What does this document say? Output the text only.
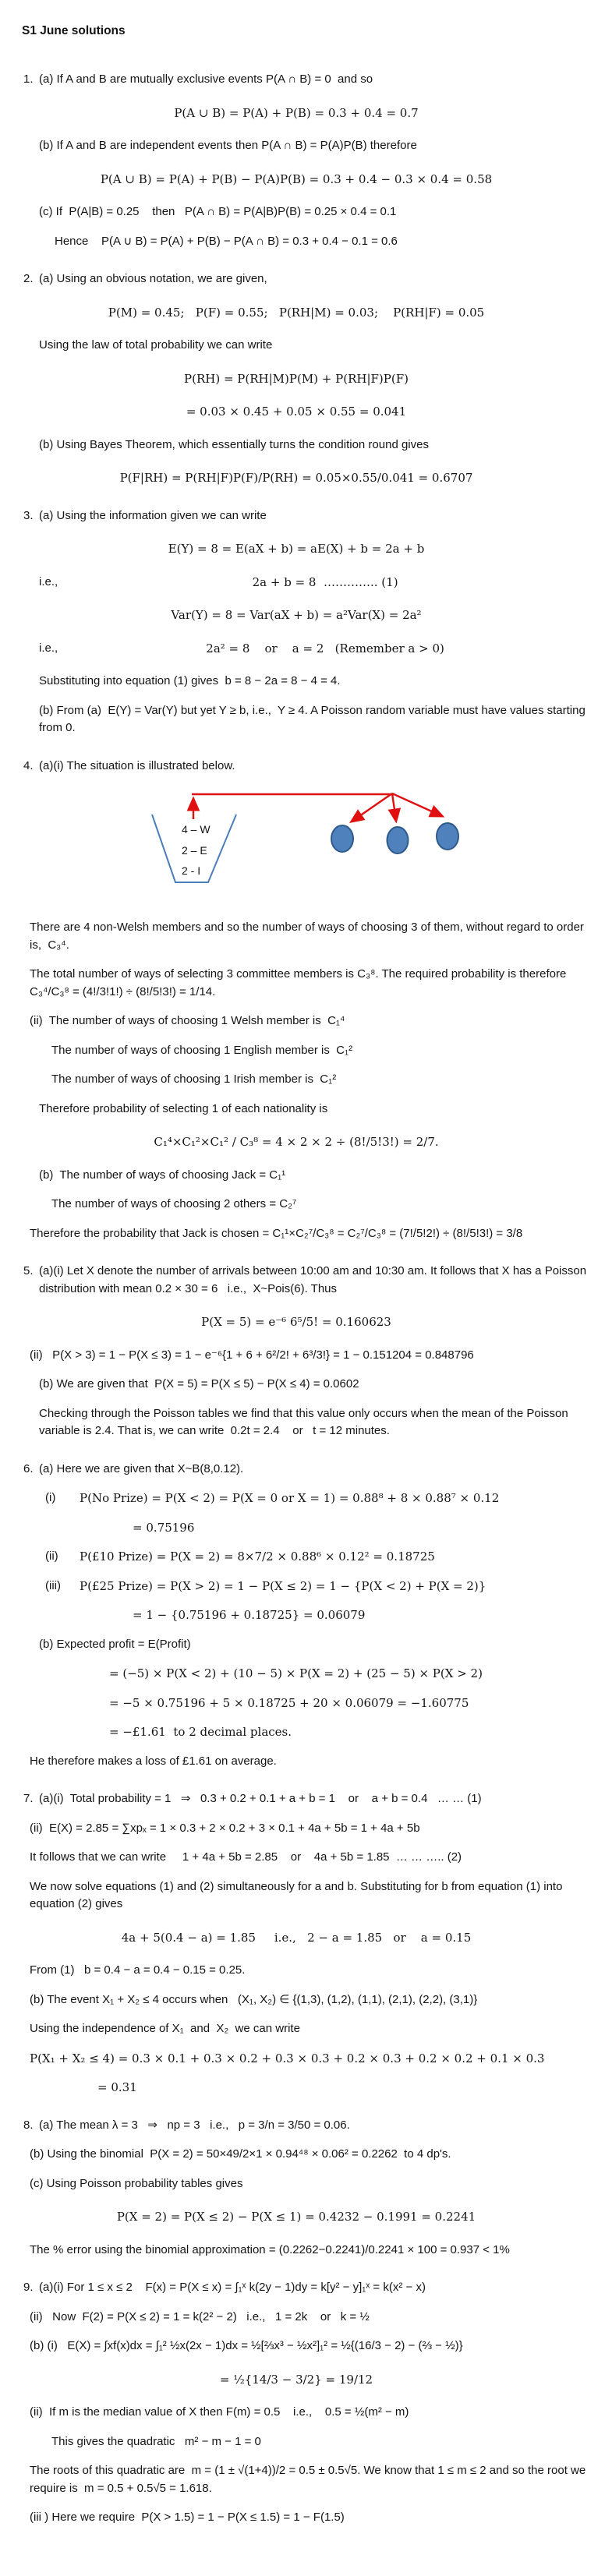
S1 June solutions
1. (a) If A and B are mutually exclusive events P(A ∩ B) = 0  and so
P(A ∪ B) = P(A) + P(B) = 0.3 + 0.4 = 0.7
(b) If A and B are independent events then P(A ∩ B) = P(A)P(B) therefore
P(A ∪ B) = P(A) + P(B) − P(A)P(B) = 0.3 + 0.4 − 0.3 × 0.4 = 0.58
(c) If  P(A|B) = 0.25    then   P(A ∩ B) = P(A|B)P(B) = 0.25 × 0.4 = 0.1
Hence    P(A ∪ B) = P(A) + P(B) − P(A ∩ B) = 0.3 + 0.4 − 0.1 = 0.6
2. (a) Using an obvious notation, we are given,
P(M) = 0.45;   P(F) = 0.55;   P(RH|M) = 0.03;    P(RH|F) = 0.05
Using the law of total probability we can write
P(RH) = P(RH|M)P(M) + P(RH|F)P(F)
= 0.03 × 0.45 + 0.05 × 0.55 = 0.041
(b) Using Bayes Theorem, which essentially turns the condition round gives
P(F|RH) = P(RH|F)P(F)/P(RH) = 0.05×0.55/0.041 = 0.6707
3. (a) Using the information given we can write
E(Y) = 8 = E(aX + b) = aE(X) + b = 2a + b
i.e.,	2a + b = 8  ………….. (1)
Var(Y) = 8 = Var(aX + b) = a²Var(X) = 2a²
i.e.,	2a² = 8    or    a = 2   (Remember a > 0)
Substituting into equation (1) gives  b = 8 − 2a = 8 − 4 = 4.
(b) From (a)  E(Y) = Var(Y) but yet Y ≥ b, i.e.,  Y ≥ 4. A Poisson random variable must have values starting from 0.
4. (a)(i) The situation is illustrated below.
4 – W
2 – E
2 - I
There are 4 non-Welsh members and so the number of ways of choosing 3 of them, without regard to order is,  C₃⁴.
The total number of ways of selecting 3 committee members is C₃⁸. The required probability is therefore    C₃⁴/C₃⁸ = (4!/3!1!) ÷ (8!/5!3!) = 1/14.
(ii)  The number of ways of choosing 1 Welsh member is  C₁⁴
The number of ways of choosing 1 English member is  C₁²
The number of ways of choosing 1 Irish member is  C₁²
Therefore probability of selecting 1 of each nationality is
C₁⁴×C₁²×C₁² / C₃⁸ = 4 × 2 × 2 ÷ (8!/5!3!) = 2/7.
(b)  The number of ways of choosing Jack = C₁¹
The number of ways of choosing 2 others = C₂⁷
Therefore the probability that Jack is chosen = C₁¹×C₂⁷/C₃⁸ = C₂⁷/C₃⁸ = (7!/5!2!) ÷ (8!/5!3!) = 3/8
5. (a)(i) Let X denote the number of arrivals between 10:00 am and 10:30 am. It follows that X has a Poisson distribution with mean 0.2 × 30 = 6   i.e.,  X~Pois(6). Thus
P(X = 5) = e⁻⁶ 6⁵/5! = 0.160623
(ii)   P(X > 3) = 1 − P(X ≤ 3) = 1 − e⁻⁶{1 + 6 + 6²/2! + 6³/3!} = 1 − 0.151204 = 0.848796
(b) We are given that  P(X = 5) = P(X ≤ 5) − P(X ≤ 4) = 0.0602
Checking through the Poisson tables we find that this value only occurs when the mean of the Poisson variable is 2.4. That is, we can write  0.2t = 2.4    or   t = 12 minutes.
6. (a) Here we are given that X~B(8,0.12).
(i)	P(No Prize) = P(X < 2) = P(X = 0 or X = 1) = 0.88⁸ + 8 × 0.88⁷ × 0.12
= 0.75196
(ii)	P(£10 Prize) = P(X = 2) = 8×7/2 × 0.88⁶ × 0.12² = 0.18725
(iii)	P(£25 Prize) = P(X > 2) = 1 − P(X ≤ 2) = 1 − {P(X < 2) + P(X = 2)}
= 1 − {0.75196 + 0.18725} = 0.06079
(b) Expected profit = E(Profit)
= (−5) × P(X < 2) + (10 − 5) × P(X = 2) + (25 − 5) × P(X > 2)
= −5 × 0.75196 + 5 × 0.18725 + 20 × 0.06079 = −1.60775
= −£1.61  to 2 decimal places.
He therefore makes a loss of £1.61 on average.
7. (a)(i)  Total probability = 1   ⇒   0.3 + 0.2 + 0.1 + a + b = 1    or    a + b = 0.4   … … (1)
(ii)  E(X) = 2.85 = ∑xpₓ = 1 × 0.3 + 2 × 0.2 + 3 × 0.1 + 4a + 5b = 1 + 4a + 5b
It follows that we can write     1 + 4a + 5b = 2.85    or    4a + 5b = 1.85  … … ….. (2)
We now solve equations (1) and (2) simultaneously for a and b. Substituting for b from equation (1) into equation (2) gives
4a + 5(0.4 − a) = 1.85     i.e.,   2 − a = 1.85   or    a = 0.15
From (1)   b = 0.4 − a = 0.4 − 0.15 = 0.25.
(b) The event X₁ + X₂ ≤ 4 occurs when   (X₁, X₂) ∈ {(1,3), (1,2), (1,1), (2,1), (2,2), (3,1)}
Using the independence of X₁  and  X₂  we can write
P(X₁ + X₂ ≤ 4) = 0.3 × 0.1 + 0.3 × 0.2 + 0.3 × 0.3 + 0.2 × 0.3 + 0.2 × 0.2 + 0.1 × 0.3
= 0.31
8. (a) The mean λ = 3   ⇒   np = 3   i.e.,   p = 3/n = 3/50 = 0.06.
(b) Using the binomial  P(X = 2) = 50×49/2×1 × 0.94⁴⁸ × 0.06² = 0.2262  to 4 dp's.
(c) Using Poisson probability tables gives
P(X = 2) = P(X ≤ 2) − P(X ≤ 1) = 0.4232 − 0.1991 = 0.2241
The % error using the binomial approximation = (0.2262−0.2241)/0.2241 × 100 = 0.937 < 1%
9. (a)(i) For 1 ≤ x ≤ 2    F(x) = P(X ≤ x) = ∫₁ˣ k(2y − 1)dy = k[y² − y]₁ˣ = k(x² − x)
(ii)   Now  F(2) = P(X ≤ 2) = 1 = k(2² − 2)   i.e.,   1 = 2k    or   k = ½
(b) (i)   E(X) = ∫xf(x)dx = ∫₁² ½x(2x − 1)dx = ½[⅔x³ − ½x²]₁² = ½{(16/3 − 2) − (⅔ − ½)}
= ½{14/3 − 3/2} = 19/12
(ii)  If m is the median value of X then F(m) = 0.5    i.e.,    0.5 = ½(m² − m)
This gives the quadratic   m² − m − 1 = 0
The roots of this quadratic are  m = (1 ± √(1+4))/2 = 0.5 ± 0.5√5. We know that 1 ≤ m ≤ 2 and so the root we require is  m = 0.5 + 0.5√5 = 1.618.
(iii ) Here we require  P(X > 1.5) = 1 − P(X ≤ 1.5) = 1 − F(1.5)
